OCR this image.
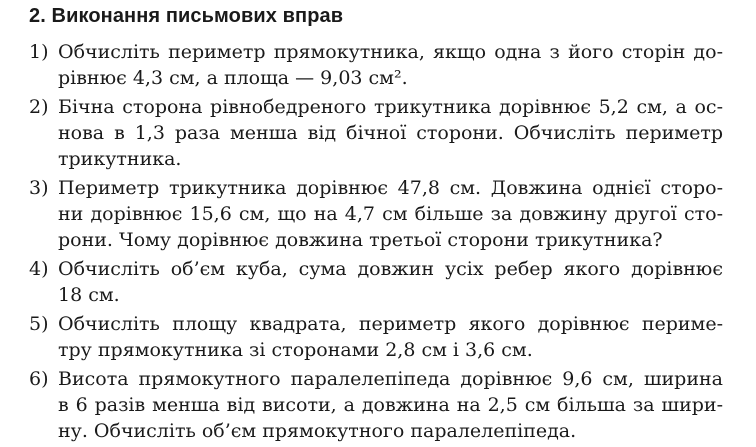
2. Виконання письмових вправ
1) Обчисліть периметр прямокутника, якщо одна з його сторін до-
рівнює 4,3 см, а площа — 9,03 см².
2) Бічна сторона рівнобедреного трикутника дорівнює 5,2 см, а ос-
нова в 1,3 раза менша від бічної сторони. Обчисліть периметр
трикутника.
3) Периметр трикутника дорівнює 47,8 см. Довжина однієї сторо-
ни дорівнює 15,6 см, що на 4,7 см більше за довжину другої сто-
рони. Чому дорівнює довжина третьої сторони трикутника?
4) Обчисліть об’єм куба, сума довжин усіх ребер якого дорівнює
18 см.
5) Обчисліть площу квадрата, периметр якого дорівнює периме-
тру прямокутника зі сторонами 2,8 см і 3,6 см.
6) Висота прямокутного паралелепіпеда дорівнює 9,6 см, ширина
в 6 разів менша від висоти, а довжина на 2,5 см більша за шири-
ну. Обчисліть об’єм прямокутного паралелепіпеда.
